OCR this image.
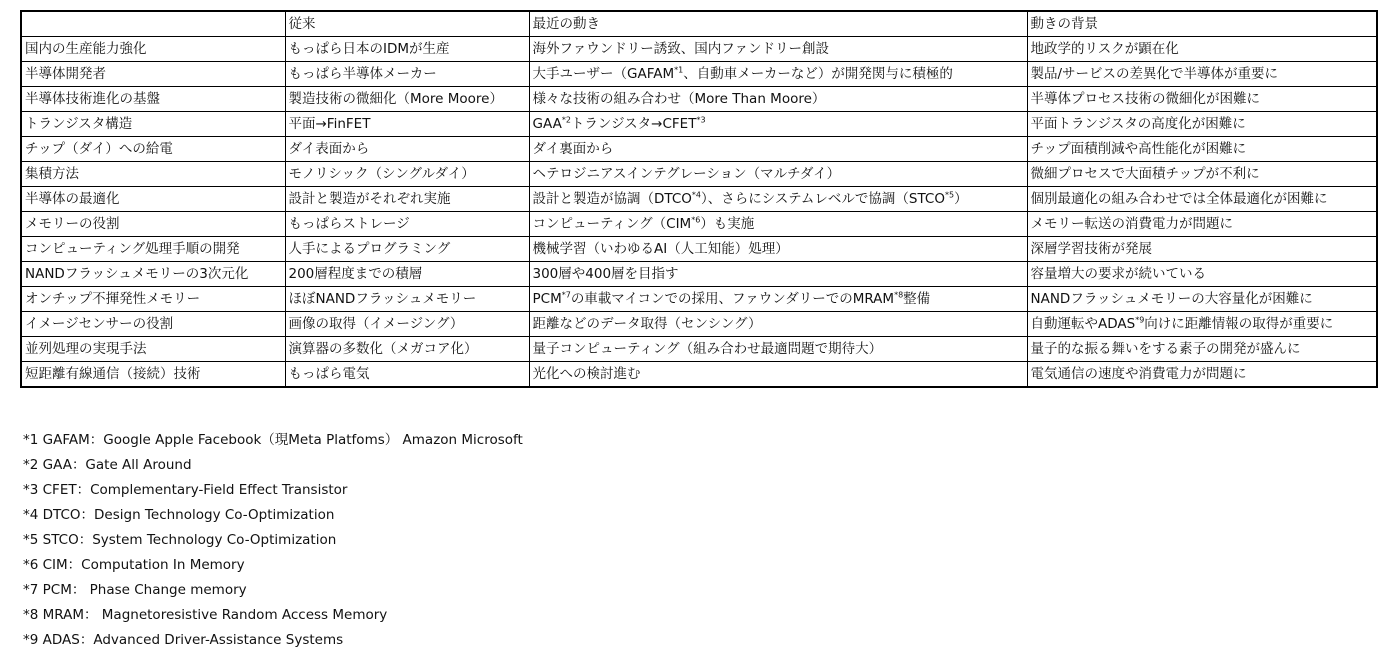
	従来	最近の動き	動きの背景
国内の生産能力強化	もっぱら日本のIDMが生産	海外ファウンドリー誘致、国内ファンドリー創設	地政学的リスクが顕在化
半導体開発者	もっぱら半導体メーカー	大手ユーザー（GAFAM$^{*1}$、自動車メーカーなど）が開発関与に積極的	製品/サービスの差異化で半導体が重要に
半導体技術進化の基盤	製造技術の微細化（More Moore）	様々な技術の組み合わせ（More Than Moore）	半導体プロセス技術の微細化が困難に
トランジスタ構造	平面→FinFET	GAA$^{*2}$トランジスタ$\to CFET^{*3}$	平面トランジスタの高度化が困難に
チップ（ダイ）への給電	ダイ表面から	ダイ裏面から	チップ面積削減や高性能化が困難に
集積方法	モノリシック（シングルダイ）	ヘテロジニアスインテグレーション（マルチダイ）	微細プロセスで大面積チップが不利に
半導体の最適化	設計と製造がそれぞれ実施	設計と製造が協調（DTCO$^{*4}$）、さらにシステムレベルで協調（STCO$^{*5}$）	個別最適化の組み合わせでは全体最適化が困難に
メモリーの役割	もっぱらストレージ	コンピューティング（CIM$^{*6}$）も実施	メモリー転送の消費電力が問題に
コンピューティング処理手順の開発	人手によるプログラミング	機械学習（いわゆるAI（人工知能）処理）	深層学習技術が発展
NANDフラッシュメモリーの3次元化	200層程度までの積層	300層や400層を目指す	容量増大の要求が続いている
オンチップ不揮発性メモリー	ほぼNANDフラッシュメモリー	PCM$^{*7}$の車載マイコンでの採用、ファウンダリーでのMRAM$^{*8}$整備	NANDフラッシュメモリーの大容量化が困難に
イメージセンサーの役割	画像の取得（イメージング）	距離などのデータ取得（センシング）	自動運転やADAS$^{*9}$向けに距離情報の取得が重要に
並列処理の実現手法	演算器の多数化（メガコア化）	量子コンピューティング（組み合わせ最適問題で期待大）	量子的な振る舞いをする素子の開発が盛んに
短距離有線通信（接続）技術	もっぱら電気	光化への検討進む	電気通信の速度や消費電力が問題に
*1 GAFAM：Google Apple Facebook（現Meta Platfoms） Amazon Microsoft
*2 GAA：Gate All Around
*3 CFET：Complementary-Field Effect Transistor
*4 DTCO：Design Technology Co-Optimization
*5 STCO：System Technology Co-Optimization
*6 CIM：Computation In Memory
*7 PCM： Phase Change memory
*8 MRAM： Magnetoresistive Random Access Memory
*9 ADAS：Advanced Driver-Assistance Systems
